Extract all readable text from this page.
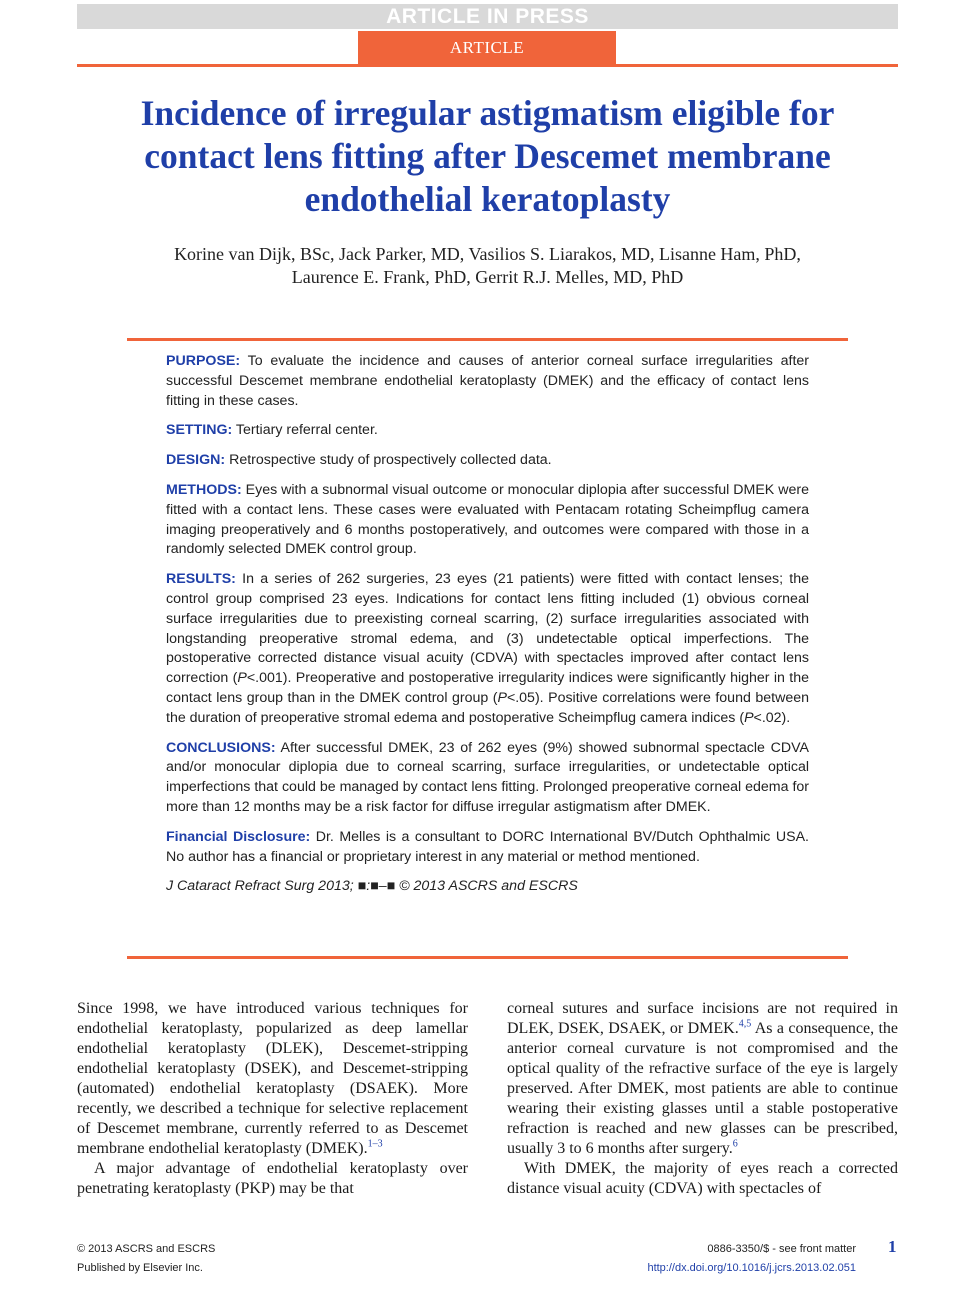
ARTICLE IN PRESS
ARTICLE
Incidence of irregular astigmatism eligible for contact lens fitting after Descemet membrane endothelial keratoplasty
Korine van Dijk, BSc, Jack Parker, MD, Vasilios S. Liarakos, MD, Lisanne Ham, PhD,
Laurence E. Frank, PhD, Gerrit R.J. Melles, MD, PhD

PURPOSE: To evaluate the incidence and causes of anterior corneal surface irregularities after successful Descemet membrane endothelial keratoplasty (DMEK) and the efficacy of contact lens fitting in these cases.

SETTING: Tertiary referral center.

DESIGN: Retrospective study of prospectively collected data.

METHODS: Eyes with a subnormal visual outcome or monocular diplopia after successful DMEK were fitted with a contact lens. These cases were evaluated with Pentacam rotating Scheimpflug camera imaging preoperatively and 6 months postoperatively, and outcomes were compared with those in a randomly selected DMEK control group.

RESULTS: In a series of 262 surgeries, 23 eyes (21 patients) were fitted with contact lenses; the control group comprised 23 eyes. Indications for contact lens fitting included (1) obvious corneal surface irregularities due to preexisting corneal scarring, (2) surface irregularities associated with longstanding preoperative stromal edema, and (3) undetectable optical imperfections. The postoperative corrected distance visual acuity (CDVA) with spectacles improved after contact lens correction (P<.001). Preoperative and postoperative irregularity indices were significantly higher in the contact lens group than in the DMEK control group (P<.05). Positive correlations were found between the duration of preoperative stromal edema and postoperative Scheimpflug camera indices (P<.02).

CONCLUSIONS: After successful DMEK, 23 of 262 eyes (9%) showed subnormal spectacle CDVA and/or monocular diplopia due to corneal scarring, surface irregularities, or undetectable optical imperfections that could be managed by contact lens fitting. Prolonged preoperative corneal edema for more than 12 months may be a risk factor for diffuse irregular astigmatism after DMEK.

Financial Disclosure: Dr. Melles is a consultant to DORC International BV/Dutch Ophthalmic USA. No author has a financial or proprietary interest in any material or method mentioned.

J Cataract Refract Surg 2013; ■:■–■ © 2013 ASCRS and ESCRS

Since 1998, we have introduced various techniques for endothelial keratoplasty, popularized as deep lamellar endothelial keratoplasty (DLEK), Descemet-stripping endothelial keratoplasty (DSEK), and Descemet-stripping (automated) endothelial keratoplasty (DSAEK). More recently, we described a technique for selective replacement of Descemet membrane, currently referred to as Descemet membrane endothelial keratoplasty (DMEK).$^{1-3}$

A major advantage of endothelial keratoplasty over penetrating keratoplasty (PKP) may be that

corneal sutures and surface incisions are not required in DLEK, DSEK, DSAEK, or DMEK.$^{4,5}$ As a consequence, the anterior corneal curvature is not compromised and the optical quality of the refractive surface of the eye is largely preserved. After DMEK, most patients are able to continue wearing their existing glasses until a stable postoperative refraction is reached and new glasses can be prescribed, usually 3 to 6 months after surgery.$^6$

With DMEK, the majority of eyes reach a corrected distance visual acuity (CDVA) with spectacles of

© 2013 ASCRS and ESCRS
Published by Elsevier Inc.
0886-3350/$ - see front matter
http://dx.doi.org/10.1016/j.jcrs.2013.02.051
1
